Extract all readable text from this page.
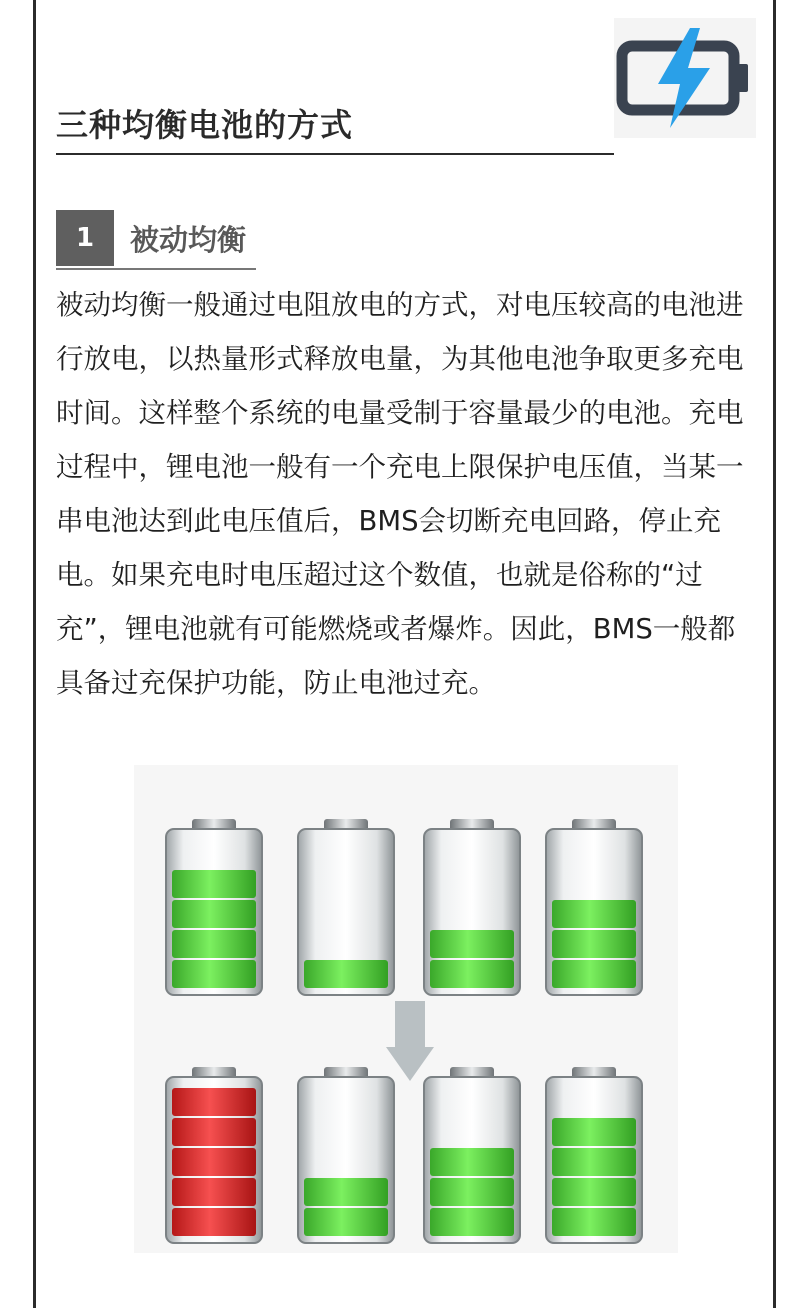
三种均衡电池的方式
1	被动均衡

被动均衡一般通过电阻放电的方式，对电压较高的电池进行放电，以热量形式释放电量，为其他电池争取更多充电时间。这样整个系统的电量受制于容量最少的电池。充电过程中，锂电池一般有一个充电上限保护电压值，当某一串电池达到此电压值后，BMS会切断充电回路，停止充电。如果充电时电压超过这个数值，也就是俗称的“过充”，锂电池就有可能燃烧或者爆炸。因此，BMS一般都具备过充保护功能，防止电池过充。
